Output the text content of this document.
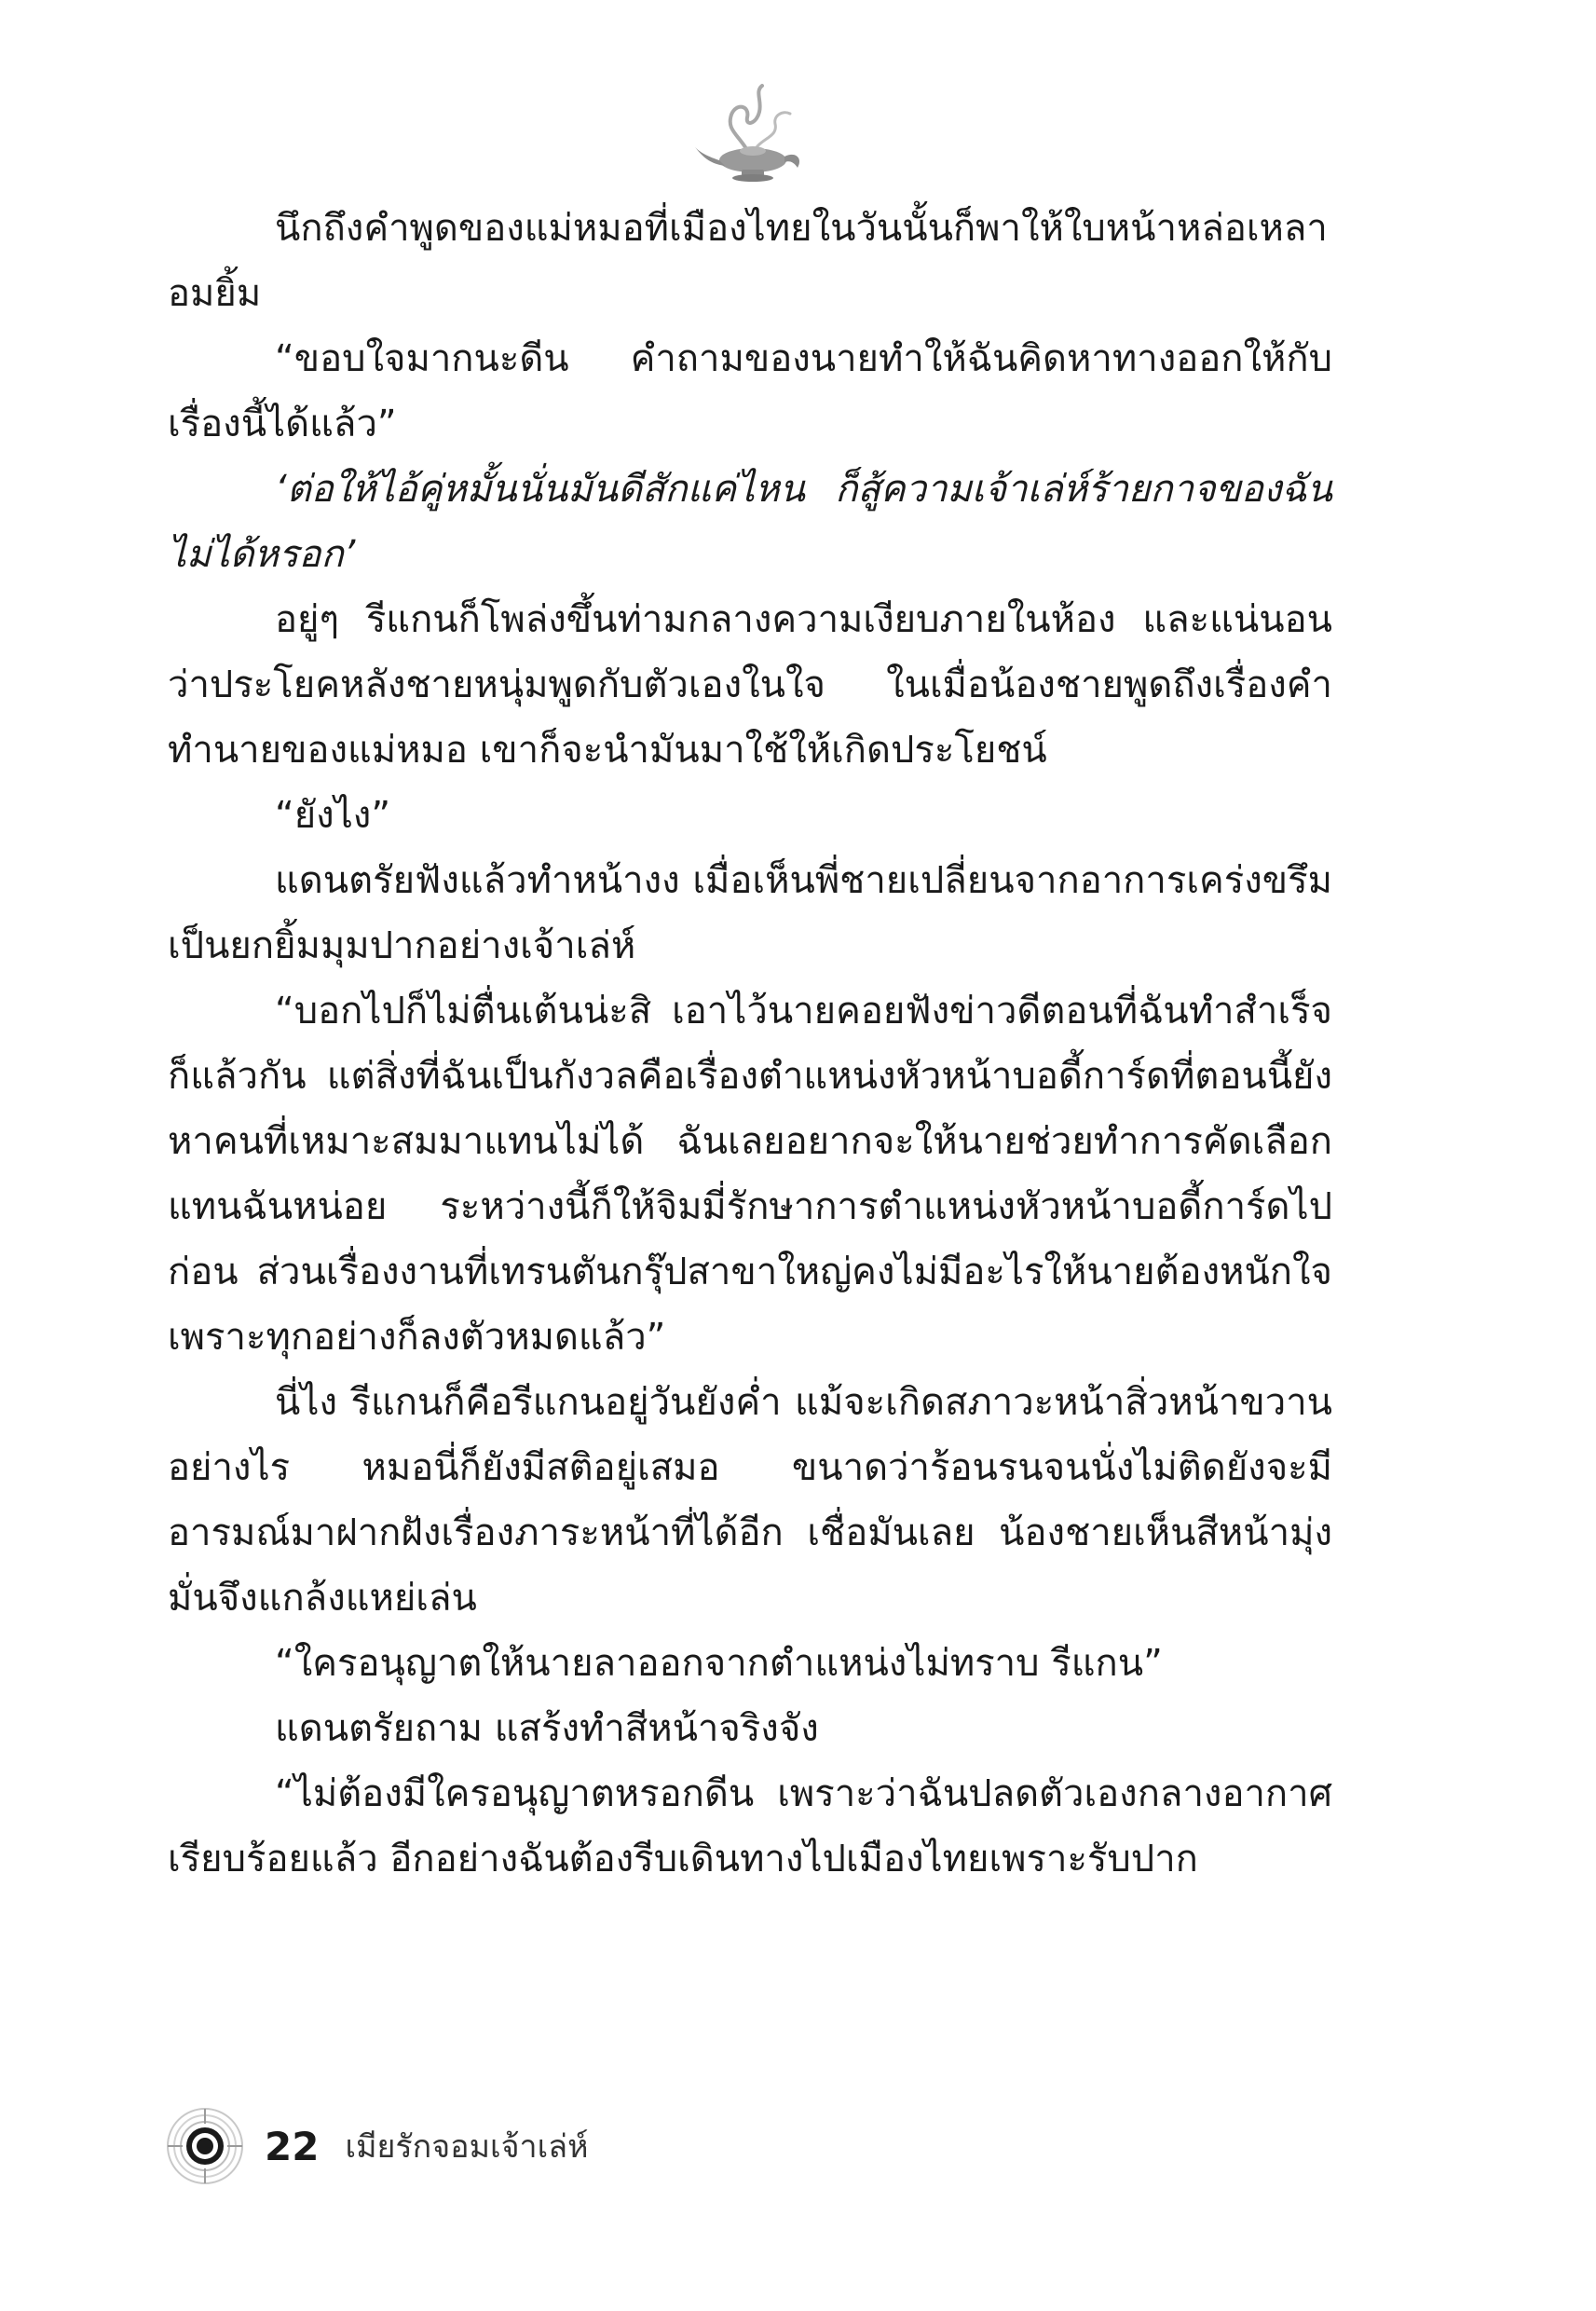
นึกถึงคำพูดของแม่หมอที่เมืองไทยในวันนั้นก็พาให้ใบหน้าหล่อเหลาอมยิ้ม

“ขอบใจมากนะดีน คำถามของนายทำให้ฉันคิดหาทางออกให้กับเรื่องนี้ได้แล้ว”

‘ต่อให้ไอ้คู่หมั้นนั่นมันดีสักแค่ไหน ก็สู้ความเจ้าเล่ห์ร้ายกาจของฉันไม่ได้หรอก’

อยู่ๆ รีแกนก็โพล่งขึ้นท่ามกลางความเงียบภายในห้อง และแน่นอนว่าประโยคหลังชายหนุ่มพูดกับตัวเองในใจ ในเมื่อน้องชายพูดถึงเรื่องคำทำนายของแม่หมอ เขาก็จะนำมันมาใช้ให้เกิดประโยชน์

“ยังไง”

แดนตรัยฟังแล้วทำหน้างง เมื่อเห็นพี่ชายเปลี่ยนจากอาการเคร่งขรึมเป็นยกยิ้มมุมปากอย่างเจ้าเล่ห์

“บอกไปก็ไม่ตื่นเต้นน่ะสิ เอาไว้นายคอยฟังข่าวดีตอนที่ฉันทำสำเร็จก็แล้วกัน แต่สิ่งที่ฉันเป็นกังวลคือเรื่องตำแหน่งหัวหน้าบอดี้การ์ดที่ตอนนี้ยังหาคนที่เหมาะสมมาแทนไม่ได้ ฉันเลยอยากจะให้นายช่วยทำการคัดเลือกแทนฉันหน่อย ระหว่างนี้ก็ให้จิมมี่รักษาการตำแหน่งหัวหน้าบอดี้การ์ดไปก่อน ส่วนเรื่องงานที่เทรนตันกรุ๊ปสาขาใหญ่คงไม่มีอะไรให้นายต้องหนักใจ เพราะทุกอย่างก็ลงตัวหมดแล้ว”

นี่ไง รีแกนก็คือรีแกนอยู่วันยังค่ำ แม้จะเกิดสภาวะหน้าสิ่วหน้าขวานอย่างไร หมอนี่ก็ยังมีสติอยู่เสมอ ขนาดว่าร้อนรนจนนั่งไม่ติดยังจะมีอารมณ์มาฝากฝังเรื่องภาระหน้าที่ได้อีก เชื่อมันเลย น้องชายเห็นสีหน้ามุ่งมั่นจึงแกล้งแหย่เล่น

“ใครอนุญาตให้นายลาออกจากตำแหน่งไม่ทราบ รีแกน”

แดนตรัยถาม แสร้งทำสีหน้าจริงจัง

“ไม่ต้องมีใครอนุญาตหรอกดีน เพราะว่าฉันปลดตัวเองกลางอากาศเรียบร้อยแล้ว อีกอย่างฉันต้องรีบเดินทางไปเมืองไทยเพราะรับปาก

22 เมียรักจอมเจ้าเล่ห์
